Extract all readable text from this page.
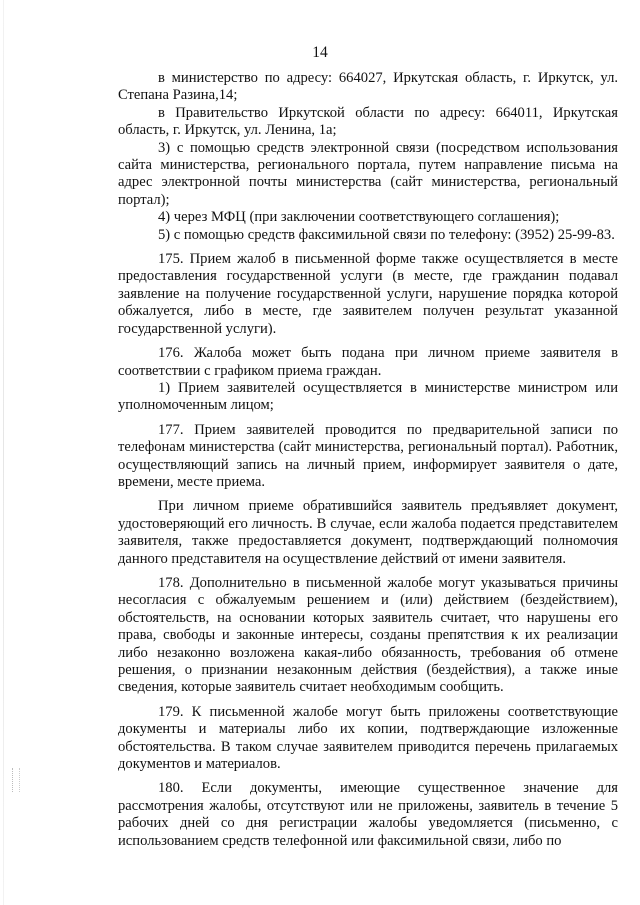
14

в министерство по адресу: 664027, Иркутская область, г. Иркутск, ул. Степана Разина,14;

в Правительство Иркутской области по адресу: 664011, Иркутская область, г. Иркутск, ул. Ленина, 1а;

3) с помощью средств электронной связи (посредством использования сайта министерства, регионального портала, путем направление письма на адрес электронной почты министерства (сайт министерства, региональный портал);

4) через МФЦ (при заключении соответствующего соглашения);

5) с помощью средств факсимильной связи по телефону: (3952) 25-99-83.

175. Прием жалоб в письменной форме также осуществляется в месте предоставления государственной услуги (в месте, где гражданин подавал заявление на получение государственной услуги, нарушение порядка которой обжалуется, либо в месте, где заявителем получен результат указанной государственной услуги).

176. Жалоба может быть подана при личном приеме заявителя в соответствии с графиком приема граждан.

1) Прием заявителей осуществляется в министерстве министром или уполномоченным лицом;

177. Прием заявителей проводится по предварительной записи по телефонам министерства (сайт министерства, региональный портал). Работник, осуществляющий запись на личный прием, информирует заявителя о дате, времени, месте приема.

При личном приеме обратившийся заявитель предъявляет документ, удостоверяющий его личность. В случае, если жалоба подается представителем заявителя, также предоставляется документ, подтверждающий полномочия данного представителя на осуществление действий от имени заявителя.

178. Дополнительно в письменной жалобе могут указываться причины несогласия с обжалуемым решением и (или) действием (бездействием), обстоятельств, на основании которых заявитель считает, что нарушены его права, свободы и законные интересы, созданы препятствия к их реализации либо незаконно возложена какая-либо обязанность, требования об отмене решения, о признании незаконным действия (бездействия), а также иные сведения, которые заявитель считает необходимым сообщить.

179. К письменной жалобе могут быть приложены соответствующие документы и материалы либо их копии, подтверждающие изложенные обстоятельства. В таком случае заявителем приводится перечень прилагаемых документов и материалов.

180. Если документы, имеющие существенное значение для рассмотрения жалобы, отсутствуют или не приложены, заявитель в течение 5 рабочих дней со дня регистрации жалобы уведомляется (письменно, с использованием средств телефонной или факсимильной связи, либо по
